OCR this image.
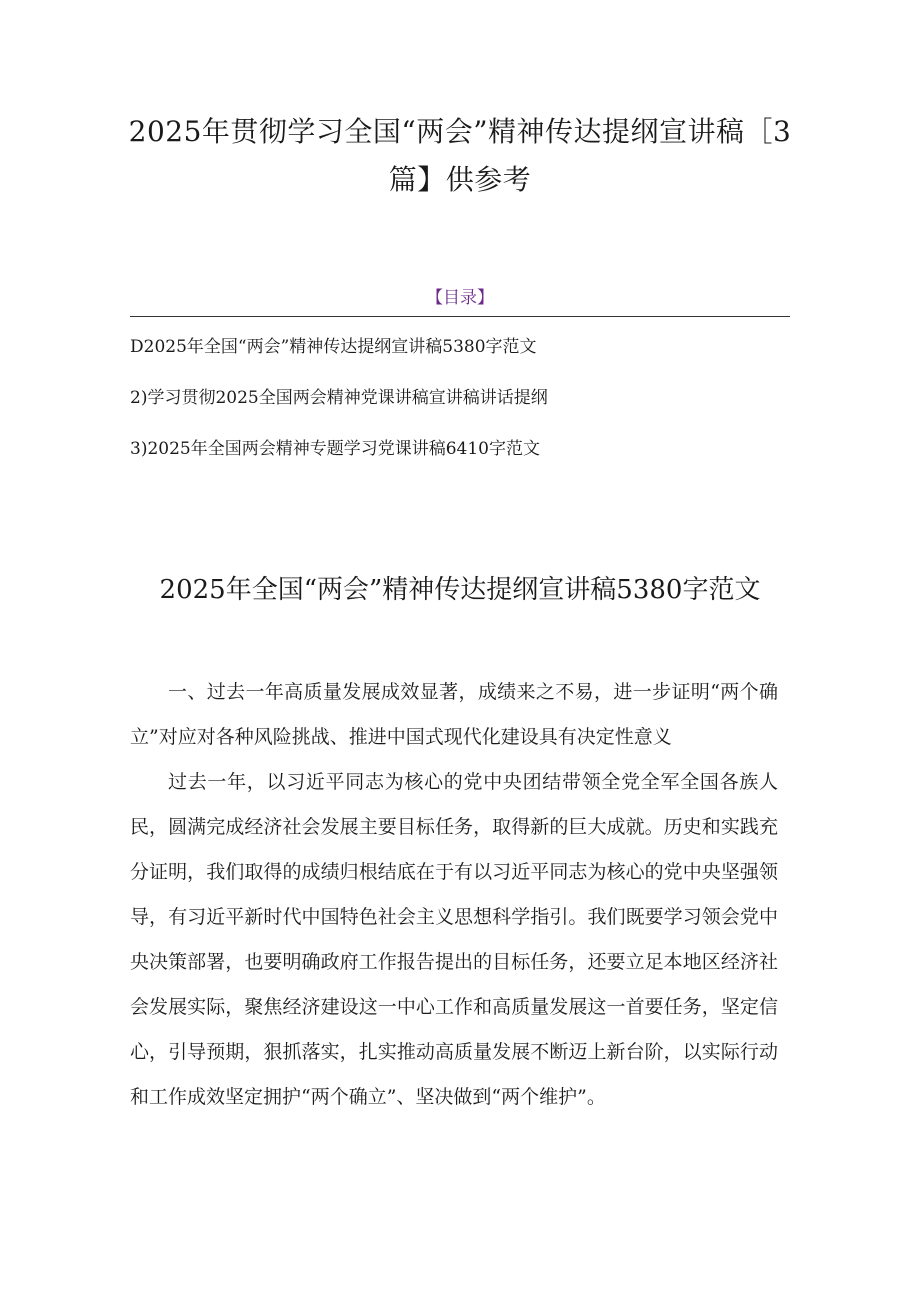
2025年贯彻学习全国“两会”精神传达提纲宣讲稿［3篇】供参考
【目录】
D2025年全国“两会”精神传达提纲宣讲稿5380字范文
2)学习贯彻2025全国两会精神党课讲稿宣讲稿讲话提纲
3)2025年全国两会精神专题学习党课讲稿6410字范文
2025年全国“两会”精神传达提纲宣讲稿5380字范文

一、过去一年高质量发展成效显著，成绩来之不易，进一步证明“两个确立”对应对各种风险挑战、推进中国式现代化建设具有决定性意义

过去一年，以习近平同志为核心的党中央团结带领全党全军全国各族人民，圆满完成经济社会发展主要目标任务，取得新的巨大成就。历史和实践充分证明，我们取得的成绩归根结底在于有以习近平同志为核心的党中央坚强领导，有习近平新时代中国特色社会主义思想科学指引。我们既要学习领会党中央决策部署，也要明确政府工作报告提出的目标任务，还要立足本地区经济社会发展实际，聚焦经济建设这一中心工作和高质量发展这一首要任务，坚定信心，引导预期，狠抓落实，扎实推动高质量发展不断迈上新台阶，以实际行动和工作成效坚定拥护“两个确立”、坚决做到“两个维护”。
